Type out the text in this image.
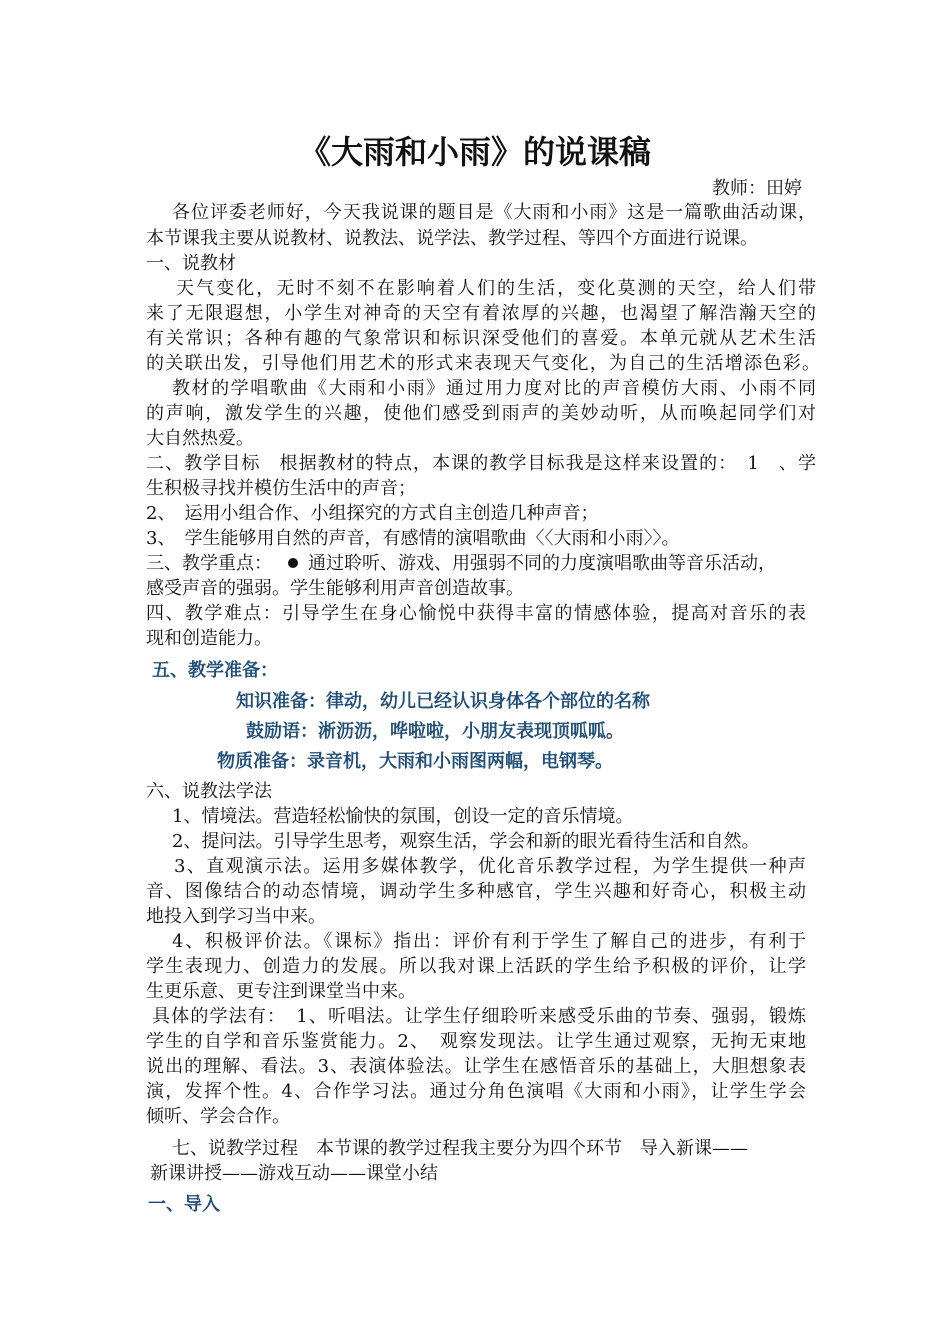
《大雨和小雨》的说课稿

教师：田婷

各位评委老师好，今天我说课的题目是《大雨和小雨》这是一篇歌曲活动课，

本节课我主要从说教材、说教法、说学法、教学过程、等四个方面进行说课。

一、说教材

天气变化，无时不刻不在影响着人们的生活，变化莫测的天空，给人们带

来了无限遐想，小学生对神奇的天空有着浓厚的兴趣，也渴望了解浩瀚天空的

有关常识；各种有趣的气象常识和标识深受他们的喜爱。本单元就从艺术生活

的关联出发，引导他们用艺术的形式来表现天气变化，为自己的生活增添色彩。

教材的学唱歌曲《大雨和小雨》通过用力度对比的声音模仿大雨、小雨不同

的声响，激发学生的兴趣，使他们感受到雨声的美妙动听，从而唤起同学们对

大自然热爱。

二、教学目标　根据教材的特点，本课的教学目标我是这样来设置的：　1　、学

生积极寻找并模仿生活中的声音；

2、　运用小组合作、小组探究的方式自主创造几种声音；

3、　学生能够用自然的声音，有感情的演唱歌曲〈〈大雨和小雨〉〉。

三、教学重点： 通过聆听、游戏、用强弱不同的力度演唱歌曲等音乐活动，

感受声音的强弱。学生能够利用声音创造故事。

四、教学难点：引导学生在身心愉悦中获得丰富的情感体验，提高对音乐的表

现和创造能力。

五、教学准备：

知识准备：律动，幼儿已经认识身体各个部位的名称

鼓励语：淅沥沥，哗啦啦，小朋友表现顶呱呱。

物质准备：录音机，大雨和小雨图两幅，电钢琴。

六、说教法学法

1、情境法。营造轻松愉快的氛围，创设一定的音乐情境。

2、提问法。引导学生思考，观察生活，学会和新的眼光看待生活和自然。

3、直观演示法。运用多媒体教学，优化音乐教学过程，为学生提供一种声

音、图像结合的动态情境，调动学生多种感官，学生兴趣和好奇心，积极主动

地投入到学习当中来。

4、积极评价法。《课标》指出：评价有利于学生了解自己的进步，有利于

学生表现力、创造力的发展。所以我对课上活跃的学生给予积极的评价，让学

生更乐意、更专注到课堂当中来。

具体的学法有：　1、听唱法。让学生仔细聆听来感受乐曲的节奏、强弱，锻炼

学生的自学和音乐鉴赏能力。2、　观察发现法。让学生通过观察，无拘无束地

说出的理解、看法。3、表演体验法。让学生在感悟音乐的基础上，大胆想象表

演，发挥个性。4、合作学习法。通过分角色演唱《大雨和小雨》，让学生学会

倾听、学会合作。

七、说教学过程　本节课的教学过程我主要分为四个环节　导入新课——

新课讲授——游戏互动——课堂小结

一、导入
